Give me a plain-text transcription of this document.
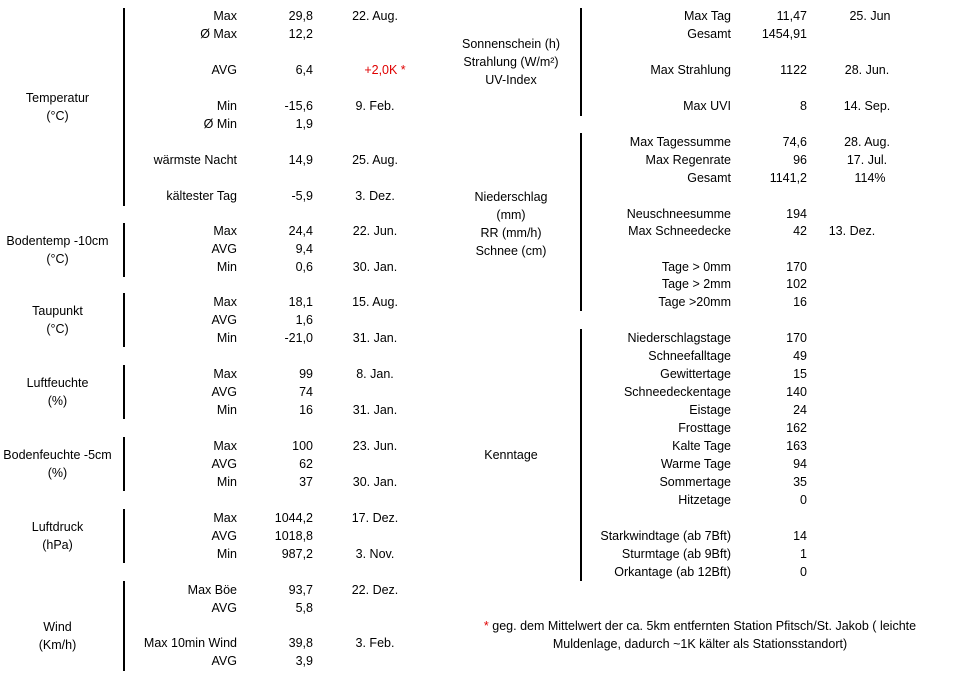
Temperatur
(°C)
Max	29,8	22. Aug.
Ø Max	12,2
AVG	6,4	+2,0K *
Min	-15,6	9. Feb.
Ø Min	1,9
wärmste Nacht	14,9	25. Aug.
kältester Tag	-5,9	3. Dez.
Bodentemp -10cm
(°C)
Max	24,4	22. Jun.
AVG	9,4
Min	0,6	30. Jan.
Taupunkt
(°C)
Max	18,1	15. Aug.
AVG	1,6
Min	-21,0	31. Jan.
Luftfeuchte
(%)
Max	99	8. Jan.
AVG	74
Min	16	31. Jan.
Bodenfeuchte -5cm
(%)
Max	100	23. Jun.
AVG	62
Min	37	30. Jan.
Luftdruck
(hPa)
Max	1044,2	17. Dez.
AVG	1018,8
Min	987,2	3. Nov.
Wind
(Km/h)
Max Böe	93,7	22. Dez.
AVG	5,8
Max 10min Wind	39,8	3. Feb.
AVG	3,9
Sonnenschein (h)
Strahlung (W/m²)
UV-Index
Max Tag	11,47	25. Jun
Gesamt	1454,91
Max Strahlung	1122	28. Jun.
Max UVI	8	14. Sep.
Niederschlag
(mm)
RR (mm/h)
Schnee (cm)
Max Tagessumme	74,6	28. Aug.
Max Regenrate	96	17. Jul.
Gesamt	1141,2	114%
Neuschneesumme	194
Max Schneedecke	42	13. Dez.
Tage > 0mm	170
Tage > 2mm	102
Tage >20mm	16
Kenntage
Niederschlagstage	170
Schneefalltage	49
Gewittertage	15
Schneedeckentage	140
Eistage	24
Frosttage	162
Kalte Tage	163
Warme Tage	94
Sommertage	35
Hitzetage	0
Starkwindtage (ab 7Bft)	14
Sturmtage (ab 9Bft)	1
Orkantage (ab 12Bft)	0
* geg. dem Mittelwert der ca. 5km entfernten Station Pfitsch/St. Jakob ( leichte
Muldenlage, dadurch ~1K kälter als Stationsstandort)
